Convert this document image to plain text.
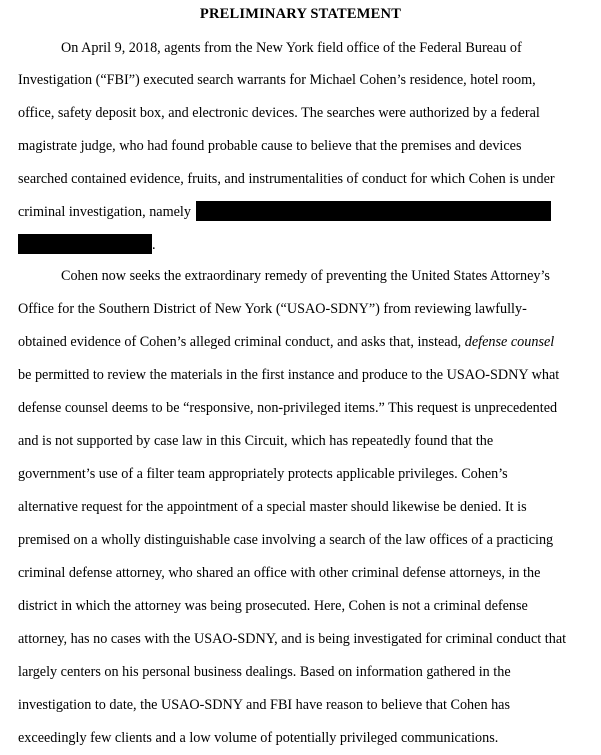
PRELIMINARY STATEMENT
On April 9, 2018, agents from the New York field office of the Federal Bureau of
Investigation (“FBI”) executed search warrants for Michael Cohen’s residence, hotel room,
office, safety deposit box, and electronic devices. The searches were authorized by a federal
magistrate judge, who had found probable cause to believe that the premises and devices
searched contained evidence, fruits, and instrumentalities of conduct for which Cohen is under
criminal investigation, namely
.
Cohen now seeks the extraordinary remedy of preventing the United States Attorney’s
Office for the Southern District of New York (“USAO-SDNY”) from reviewing lawfully-
obtained evidence of Cohen’s alleged criminal conduct, and asks that, instead, defense counsel
be permitted to review the materials in the first instance and produce to the USAO-SDNY what
defense counsel deems to be “responsive, non-privileged items.” This request is unprecedented
and is not supported by case law in this Circuit, which has repeatedly found that the
government’s use of a filter team appropriately protects applicable privileges. Cohen’s
alternative request for the appointment of a special master should likewise be denied. It is
premised on a wholly distinguishable case involving a search of the law offices of a practicing
criminal defense attorney, who shared an office with other criminal defense attorneys, in the
district in which the attorney was being prosecuted. Here, Cohen is not a criminal defense
attorney, has no cases with the USAO-SDNY, and is being investigated for criminal conduct that
largely centers on his personal business dealings. Based on information gathered in the
investigation to date, the USAO-SDNY and FBI have reason to believe that Cohen has
exceedingly few clients and a low volume of potentially privileged communications.
